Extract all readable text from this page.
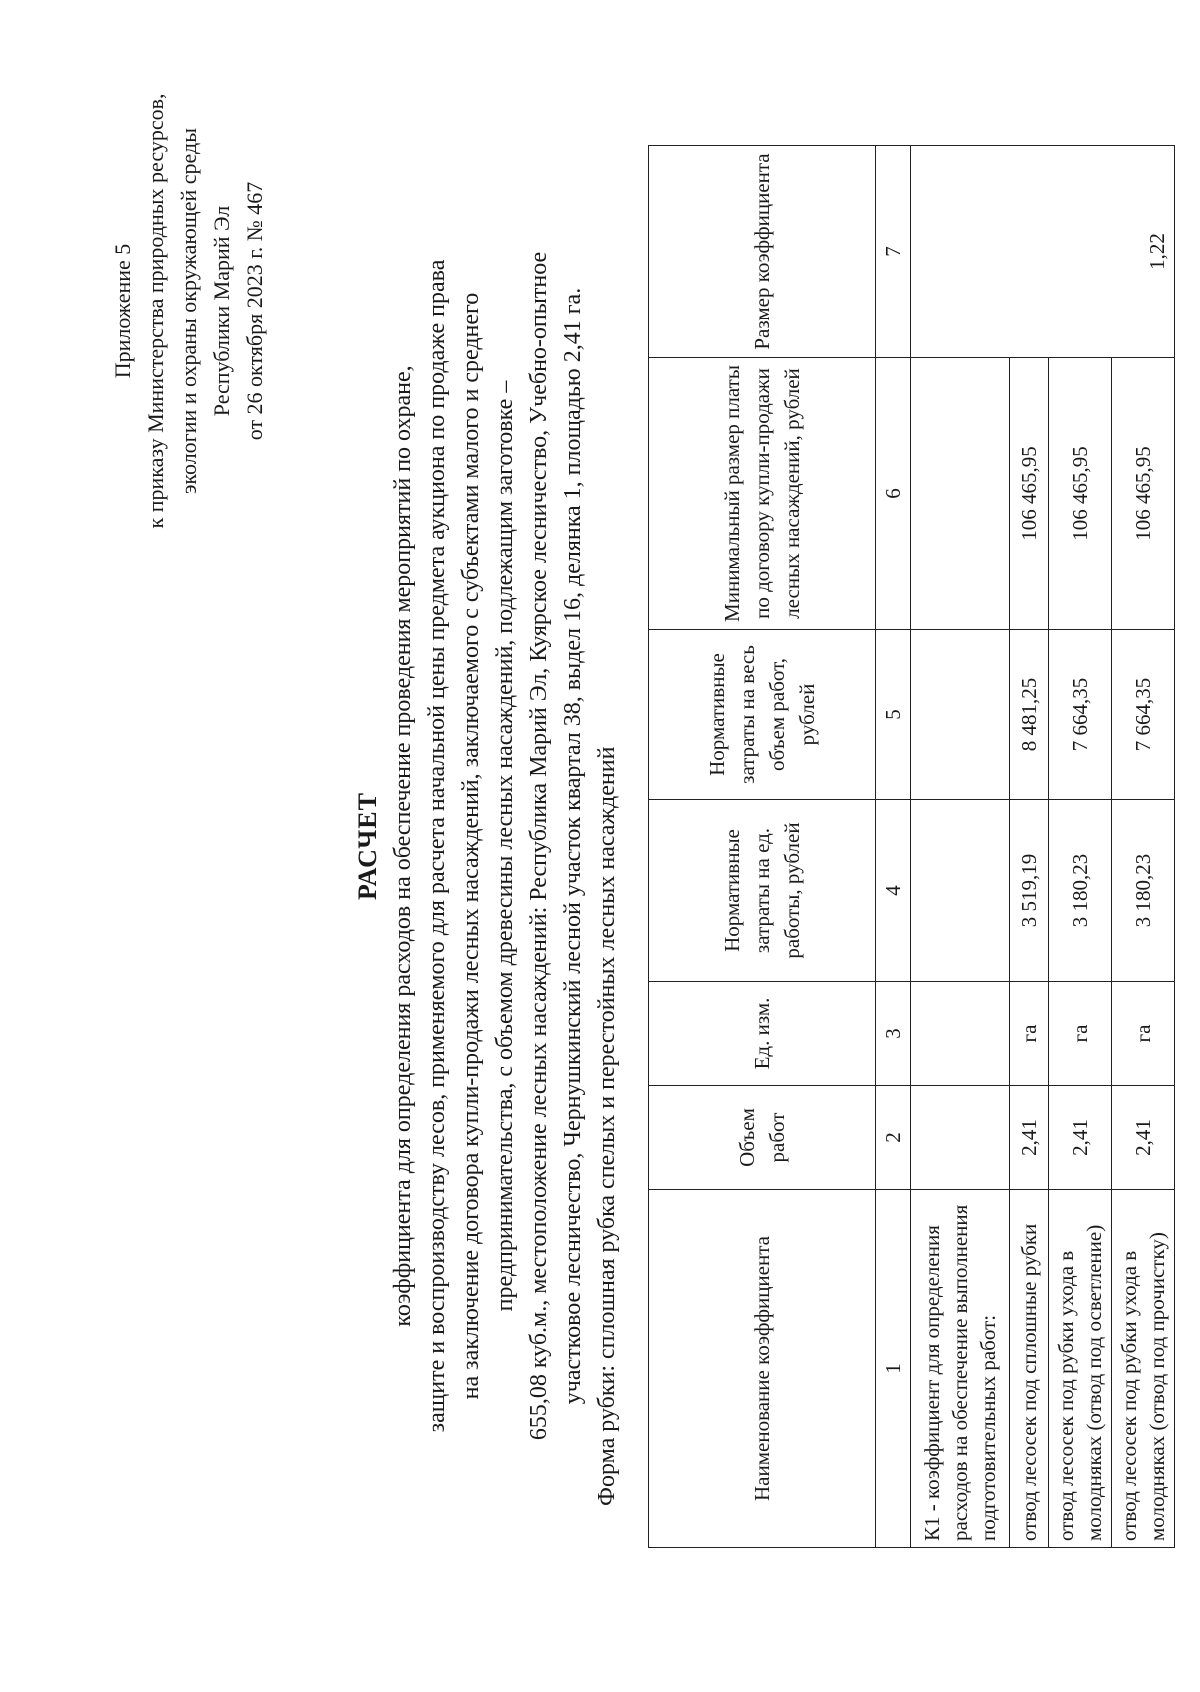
Приложение 5 к приказу Министерства природных ресурсов, экологии и охраны окружающей среды Республики Марий Эл от 26 октября 2023 г. № 467
РАСЧЕТ коэффициента для определения расходов на обеспечение проведения мероприятий по охране, защите и воспроизводству лесов, применяемого для расчета начальной цены предмета аукциона по продаже права на заключение договора купли-продажи лесных насаждений, заключаемого с субъектами малого и среднего предпринимательства, с объемом древесины лесных насаждений, подлежащим заготовке – 655,08 куб.м., местоположение лесных насаждений: Республика Марий Эл, Куярское лесничество, Учебно-опытное участковое лесничество, Чернушкинский лесной участок квартал 38, выдел 16, делянка 1, площадью 2,41 га. Форма рубки: сплошная рубка спелых и перестойных лесных насаждений	Наименование коэффициента	Объем работ	Ед. изм.	Нормативные затраты на ед. работы, рублей	Нормативные затраты на весь объем работ, рублей	Минимальный размер платы по договору купли-продажи лесных насаждений, рублей	Размер коэффициента
1	2	3	4	5	6	7
К1 - коэффициент для определения расходов на обеспечение выполнения подготовительных работ:						1,22
отвод лесосек под сплошные рубки	2,41	га	3 519,19	8 481,25	106 465,95	
отвод лесосек под рубки ухода в молодняках (отвод под осветление)	2,41	га	3 180,23	7 664,35	106 465,95	
отвод лесосек под рубки ухода в молодняках (отвод под прочистку)	2,41	га	3 180,23	7 664,35	106 465,95	
